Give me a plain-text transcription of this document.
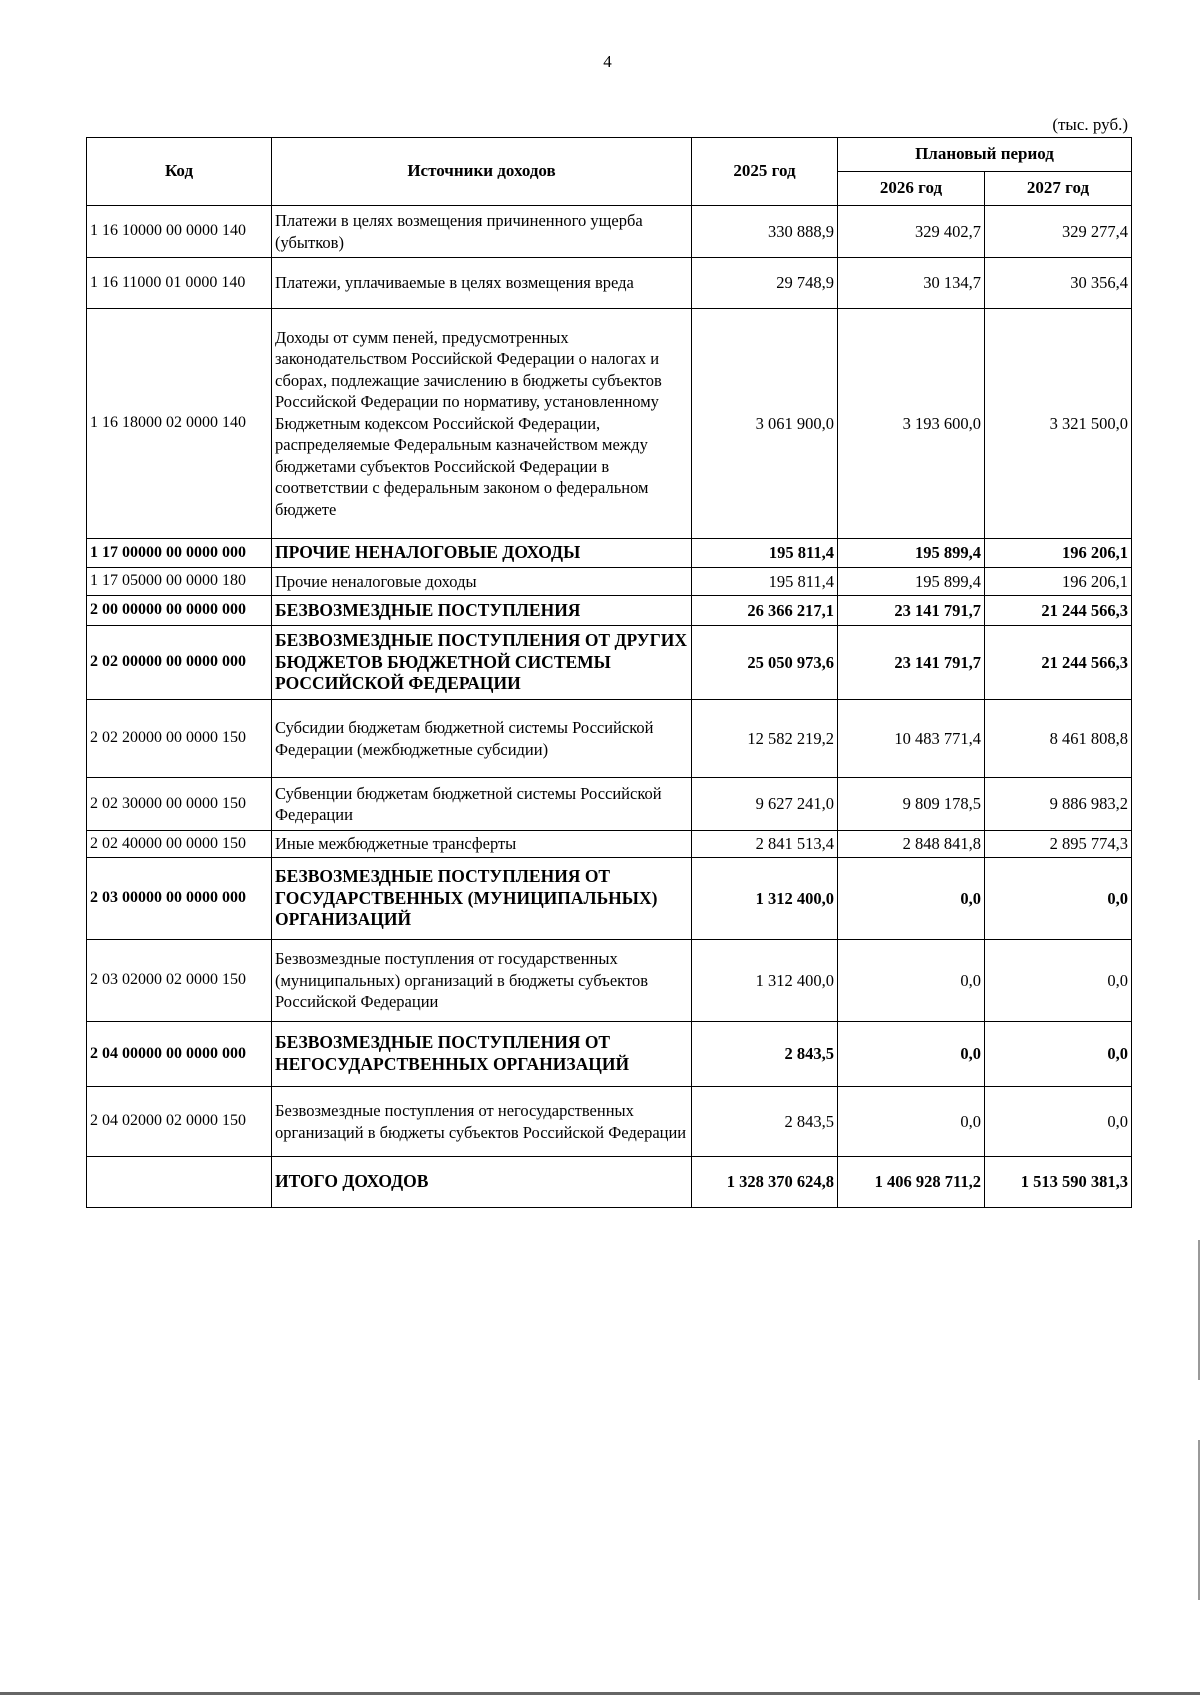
4
(тыс. руб.)
Код	Источники доходов	2025 год	Плановый период	
			2026 год	2027 год
1 16 10000 00 0000 140	Платежи в целях возмещения причиненного ущерба (убытков)	330 888,9	329 402,7	329 277,4
1 16 11000 01 0000 140	Платежи, уплачиваемые в целях возмещения вреда	29 748,9	30 134,7	30 356,4
1 16 18000 02 0000 140	Доходы от сумм пеней, предусмотренных законодательством Российской Федерации о налогах и сборах, подлежащие зачислению в бюджеты субъектов Российской Федерации по нормативу, установленному Бюджетным кодексом Российской Федерации, распределяемые Федеральным казначейством между бюджетами субъектов Российской Федерации в соответствии с федеральным законом о федеральном бюджете	3 061 900,0	3 193 600,0	3 321 500,0
1 17 00000 00 0000 000	ПРОЧИЕ НЕНАЛОГОВЫЕ ДОХОДЫ	195 811,4	195 899,4	196 206,1
1 17 05000 00 0000 180	Прочие неналоговые доходы	195 811,4	195 899,4	196 206,1
2 00 00000 00 0000 000	БЕЗВОЗМЕЗДНЫЕ ПОСТУПЛЕНИЯ	26 366 217,1	23 141 791,7	21 244 566,3
2 02 00000 00 0000 000	БЕЗВОЗМЕЗДНЫЕ ПОСТУПЛЕНИЯ ОТ ДРУГИХ БЮДЖЕТОВ БЮДЖЕТНОЙ СИСТЕМЫ РОССИЙСКОЙ ФЕДЕРАЦИИ	25 050 973,6	23 141 791,7	21 244 566,3
2 02 20000 00 0000 150	Субсидии бюджетам бюджетной системы Российской Федерации (межбюджетные субсидии)	12 582 219,2	10 483 771,4	8 461 808,8
2 02 30000 00 0000 150	Субвенции бюджетам бюджетной системы Российской Федерации	9 627 241,0	9 809 178,5	9 886 983,2
2 02 40000 00 0000 150	Иные межбюджетные трансферты	2 841 513,4	2 848 841,8	2 895 774,3
2 03 00000 00 0000 000	БЕЗВОЗМЕЗДНЫЕ ПОСТУПЛЕНИЯ ОТ ГОСУДАРСТВЕННЫХ (МУНИЦИПАЛЬНЫХ) ОРГАНИЗАЦИЙ	1 312 400,0	0,0	0,0
2 03 02000 02 0000 150	Безвозмездные поступления от государственных (муниципальных) организаций в бюджеты субъектов Российской Федерации	1 312 400,0	0,0	0,0
2 04 00000 00 0000 000	БЕЗВОЗМЕЗДНЫЕ ПОСТУПЛЕНИЯ ОТ НЕГОСУДАРСТВЕННЫХ ОРГАНИЗАЦИЙ	2 843,5	0,0	0,0
2 04 02000 02 0000 150	Безвозмездные поступления от негосударственных организаций в бюджеты субъектов Российской Федерации	2 843,5	0,0	0,0
	ИТОГО ДОХОДОВ	1 328 370 624,8	1 406 928 711,2	1 513 590 381,3
